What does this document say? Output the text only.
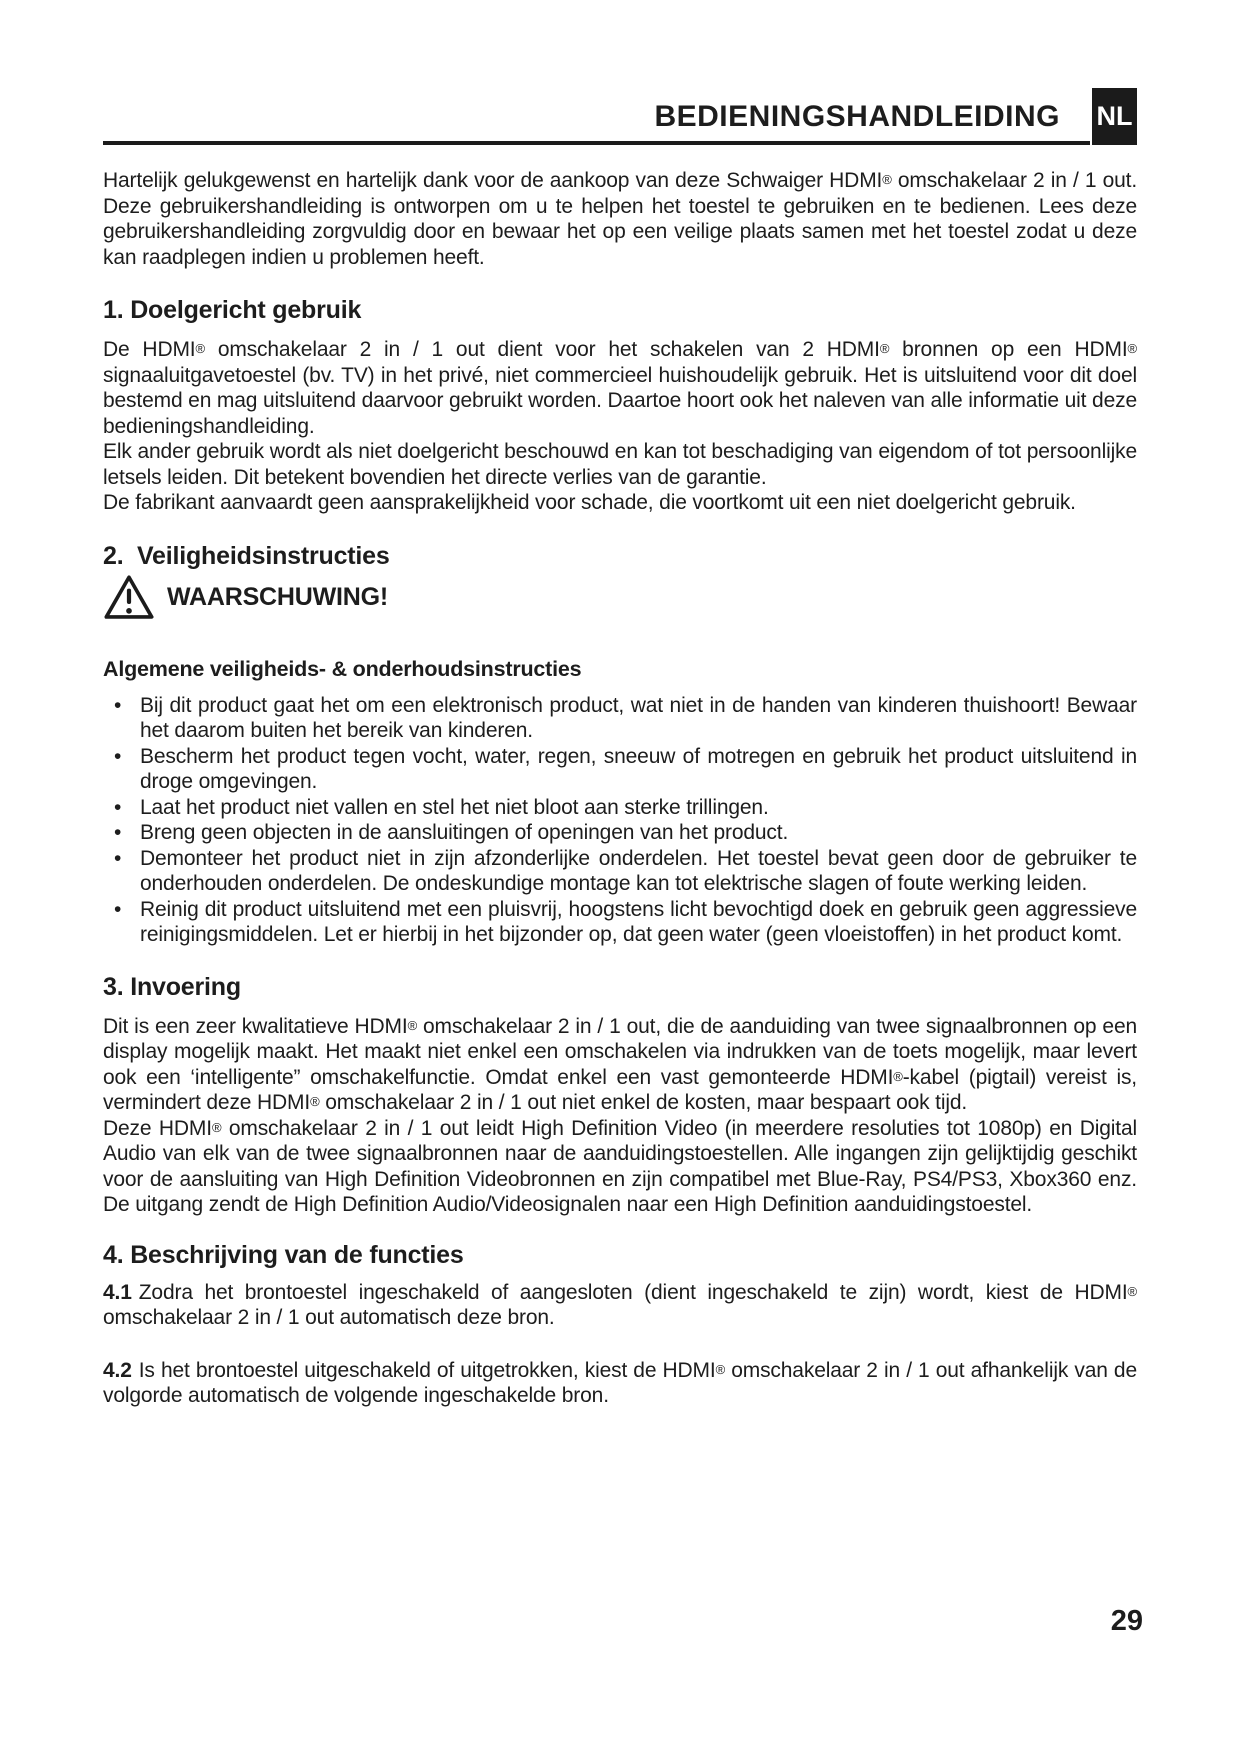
BEDIENINGSHANDLEIDING	NL

Hartelijk gelukgewenst en hartelijk dank voor de aankoop van deze Schwaiger HDMI® omschakelaar 2 in / 1 out. Deze gebruikershandleiding is ontworpen om u te helpen het toestel te gebruiken en te bedienen. Lees deze gebruikershandleiding zorgvuldig door en bewaar het op een veilige plaats samen met het toestel zodat u deze kan raadplegen indien u problemen heeft.

1. Doelgericht gebruik

De HDMI® omschakelaar 2 in / 1 out dient voor het schakelen van 2 HDMI® bronnen op een HDMI® signaaluitgavetoestel (bv. TV) in het privé, niet commercieel huishoudelijk gebruik. Het is uitsluitend voor dit doel bestemd en mag uitsluitend daarvoor gebruikt worden. Daartoe hoort ook het naleven van alle informatie uit deze bedieningshandleiding.

Elk ander gebruik wordt als niet doelgericht beschouwd en kan tot beschadiging van eigendom of tot persoonlijke letsels leiden. Dit betekent bovendien het directe verlies van de garantie.

De fabrikant aanvaardt geen aansprakelijkheid voor schade, die voortkomt uit een niet doelgericht gebruik.

2.  Veiligheidsinstructies
WAARSCHUWING!
Algemene veiligheids- & onderhoudsinstructies
• Bij dit product gaat het om een elektronisch product, wat niet in de handen van kinderen thuishoort! Bewaar het daarom buiten het bereik van kinderen.
• Bescherm het product tegen vocht, water, regen, sneeuw of motregen en gebruik het product uitsluitend in droge omgevingen.
• Laat het product niet vallen en stel het niet bloot aan sterke trillingen.
• Breng geen objecten in de aansluitingen of openingen van het product.
• Demonteer het product niet in zijn afzonderlijke onderdelen. Het toestel bevat geen door de gebruiker te onderhouden onderdelen. De ondeskundige montage kan tot elektrische slagen of foute werking leiden.
• Reinig dit product uitsluitend met een pluisvrij, hoogstens licht bevochtigd doek en gebruik geen aggressieve reinigingsmiddelen. Let er hierbij in het bijzonder op, dat geen water (geen vloeistoffen) in het product komt.
3. Invoering

Dit is een zeer kwalitatieve HDMI® omschakelaar 2 in / 1 out, die de aanduiding van twee signaalbronnen op een display mogelijk maakt. Het maakt niet enkel een omschakelen via indrukken van de toets mogelijk, maar levert ook een ‘intelligente” omschakelfunctie. Omdat enkel een vast gemonteerde HDMI®-kabel (pigtail) vereist is, vermindert deze HDMI® omschakelaar 2 in / 1 out niet enkel de kosten, maar bespaart ook tijd.

Deze HDMI® omschakelaar 2 in / 1 out leidt High Definition Video (in meerdere resoluties tot 1080p) en Digital Audio van elk van de twee signaalbronnen naar de aanduidingstoestellen. Alle ingangen zijn gelijktijdig geschikt voor de aansluiting van High Definition Videobronnen en zijn compatibel met Blue-Ray, PS4/PS3, Xbox360 enz. De uitgang zendt de High Definition Audio/Videosignalen naar een High Definition aanduidingstoestel.

4. Beschrijving van de functies

4.1 Zodra het brontoestel ingeschakeld of aangesloten (dient ingeschakeld te zijn) wordt, kiest de HDMI® omschakelaar 2 in / 1 out automatisch deze bron.

4.2 Is het brontoestel uitgeschakeld of uitgetrokken, kiest de HDMI® omschakelaar 2 in / 1 out afhankelijk van de volgorde automatisch de volgende ingeschakelde bron.

29
